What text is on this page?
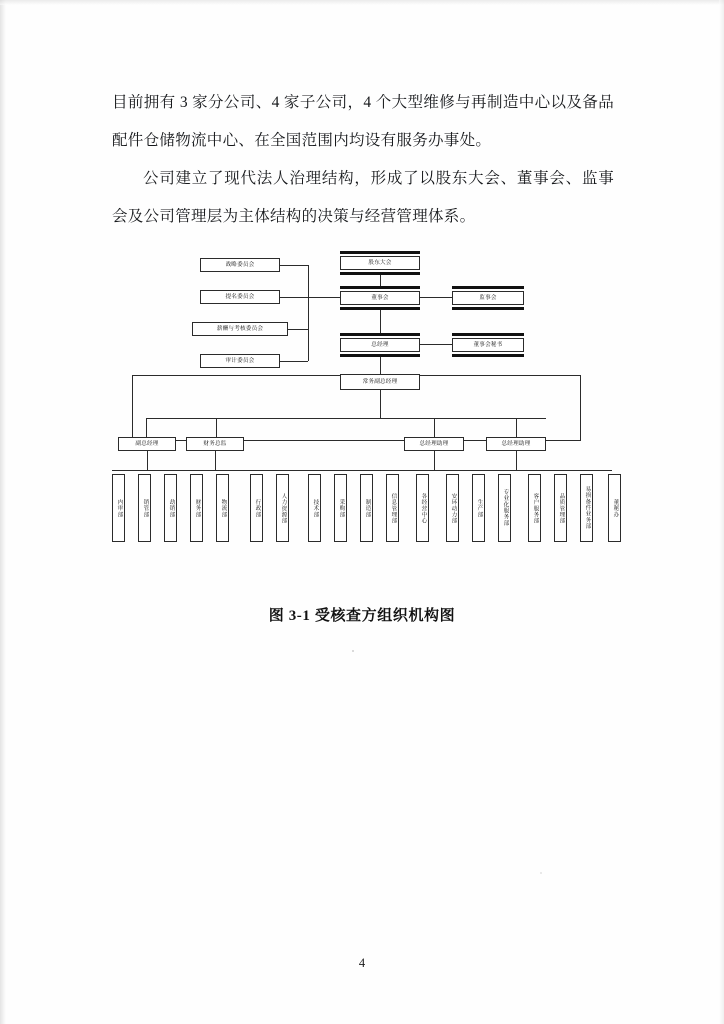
目前拥有 3 家分公司、4 家子公司，4 个大型维修与再制造中心以及备品配件仓储物流中心、在全国范围内均设有服务办事处。

公司建立了现代法人治理结构，形成了以股东大会、董事会、监事会及公司管理层为主体结构的决策与经营管理体系。

战略委员会
提名委员会
薪酬与考核委员会
审计委员会
股东大会
董事会	监事会
总经理	董事会秘书
常务副总经理
副总经理	财务总监	总经理助理	总经理助理
内审部	销管部	劫销部	财务部	物流部	行政部	人力资源部	技术部	采购部	制造部	信息管理部	各经营中心	安环动力部	生产部	专业化服务部	客户服务部	品质管理部	易损备件业务部	董秘办
图 3-1 受核查方组织机构图
4
